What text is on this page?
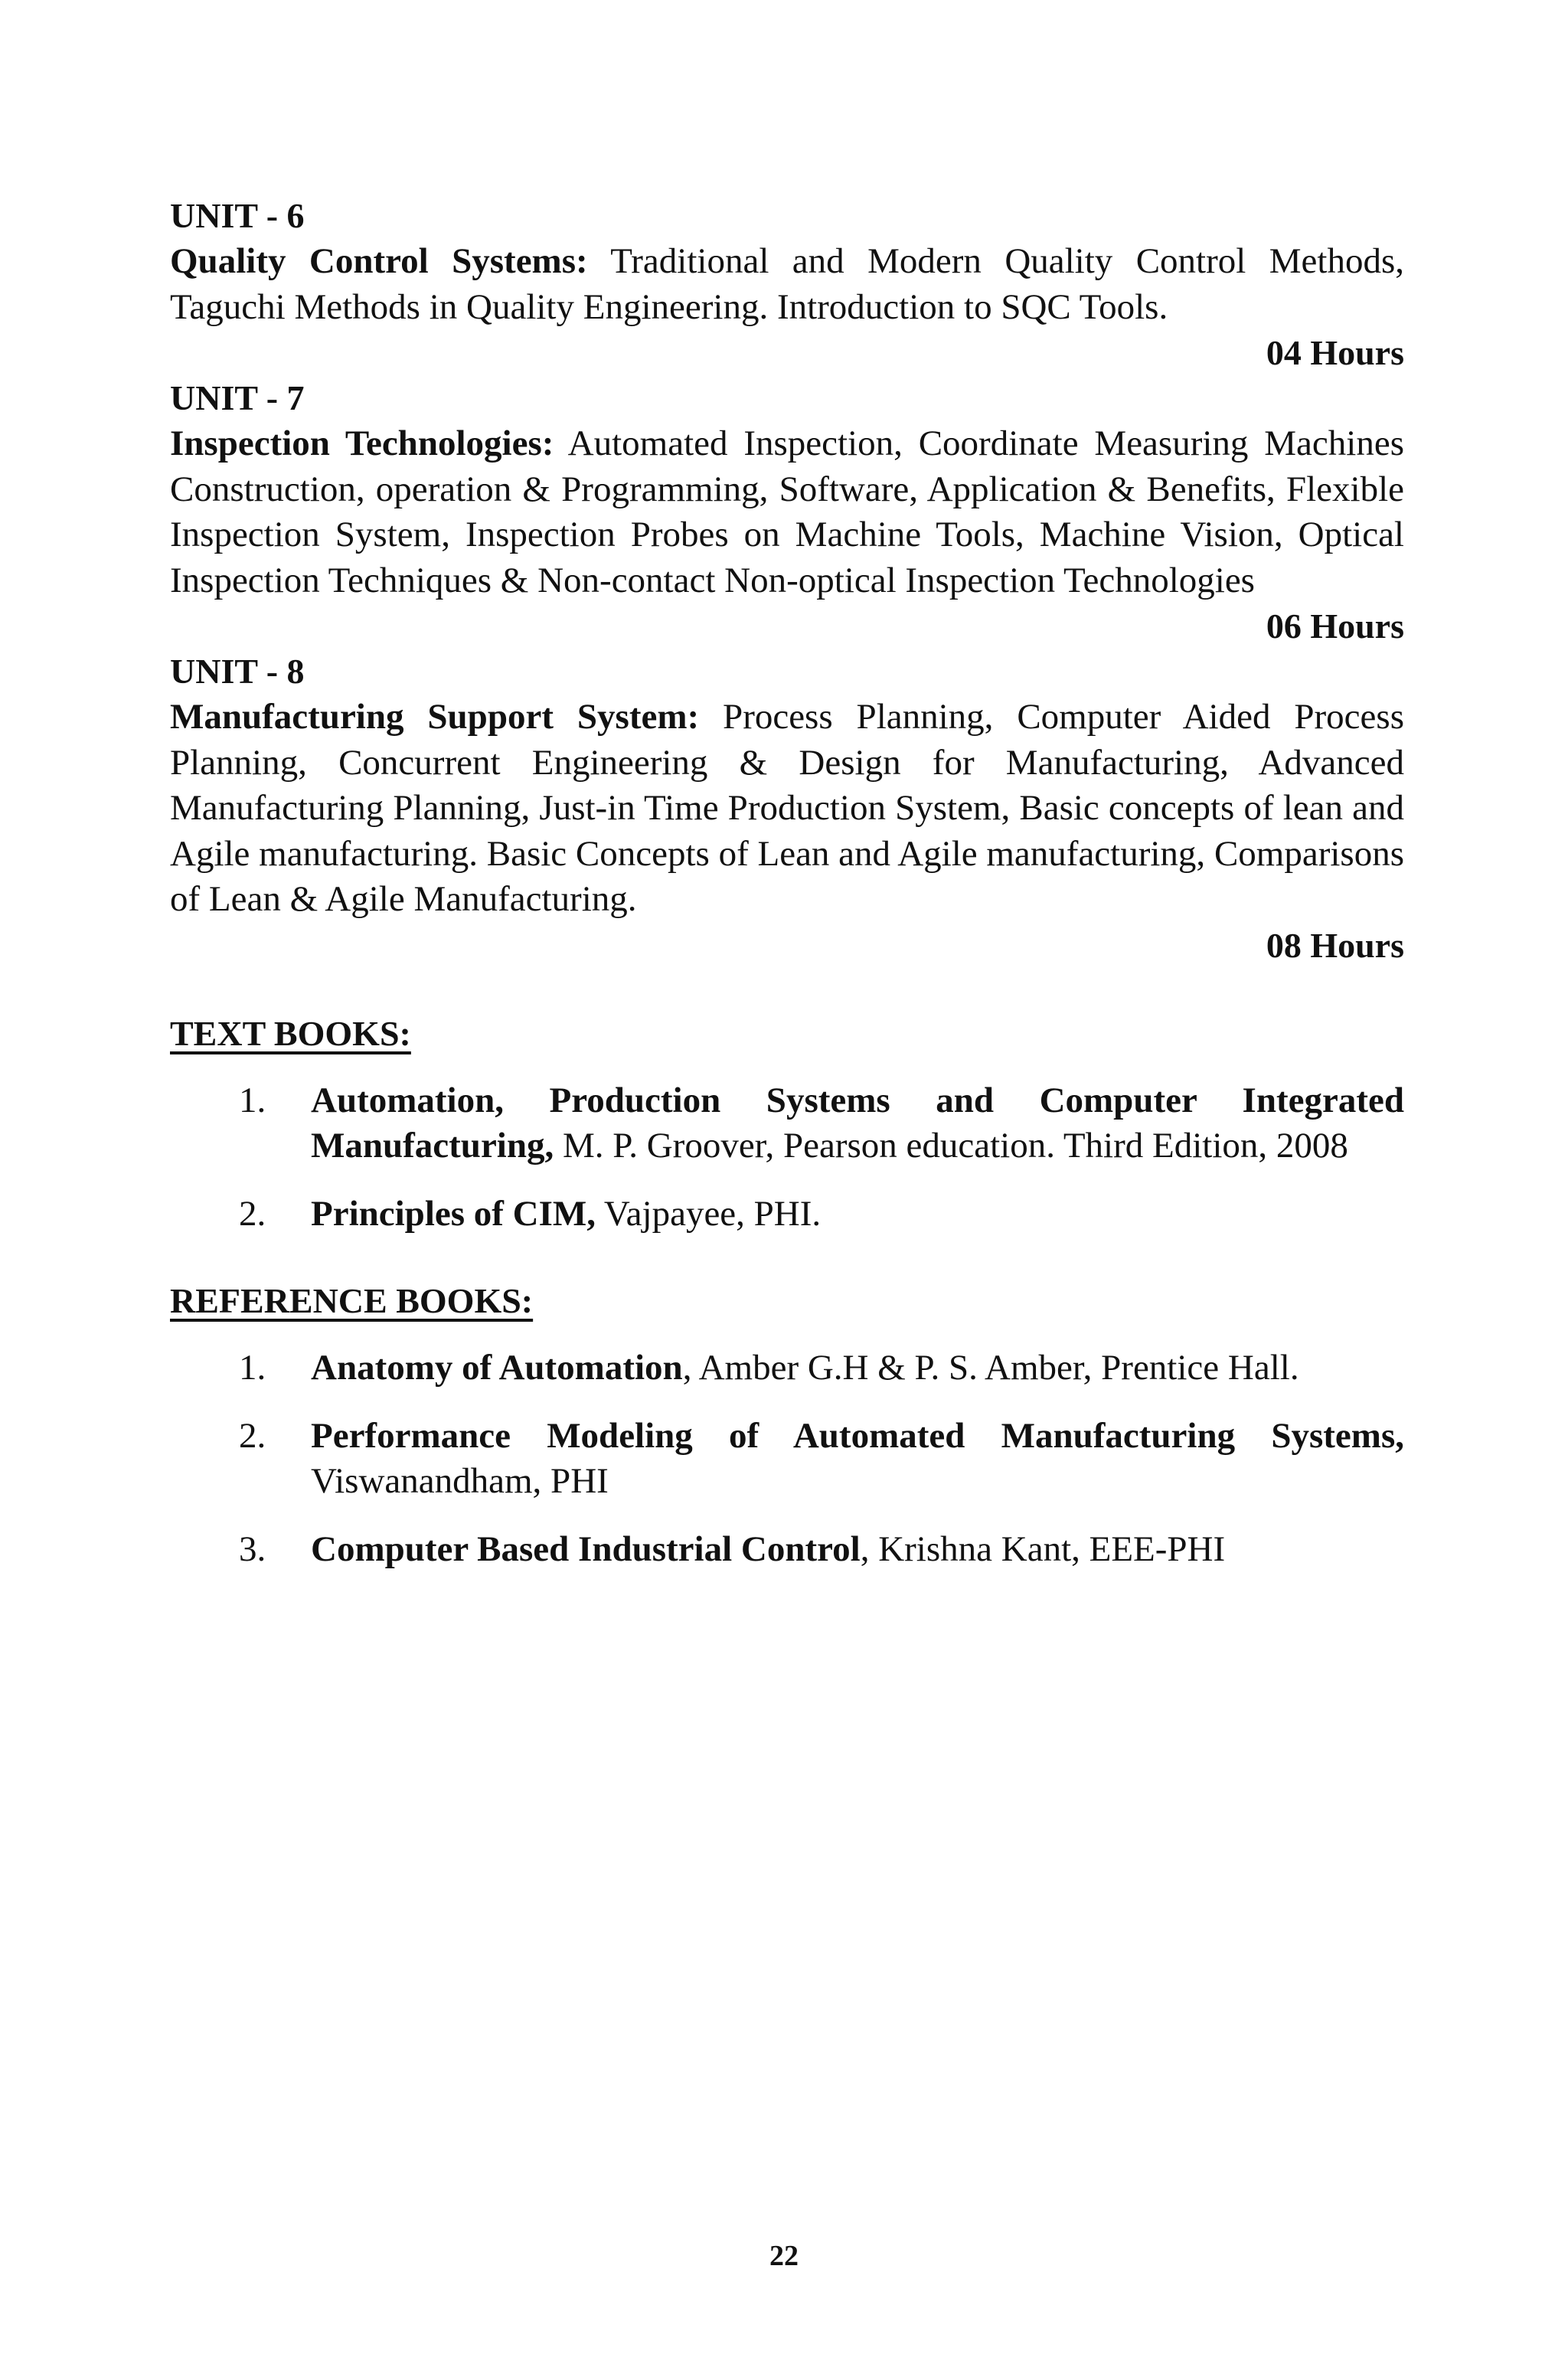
UNIT - 6

Quality Control Systems: Traditional and Modern Quality Control Methods, Taguchi Methods in Quality Engineering. Introduction to SQC Tools.

04 Hours

UNIT - 7

Inspection Technologies: Automated Inspection, Coordinate Measuring Machines Construction, operation & Programming, Software, Application & Benefits, Flexible Inspection System, Inspection Probes on Machine Tools, Machine Vision, Optical Inspection Techniques & Non-contact Non-optical Inspection Technologies

06 Hours

UNIT - 8

Manufacturing Support System: Process Planning, Computer Aided Process Planning, Concurrent Engineering & Design for Manufacturing, Advanced Manufacturing Planning, Just-in Time Production System, Basic concepts of lean and Agile manufacturing. Basic Concepts of Lean and Agile manufacturing, Comparisons of Lean & Agile Manufacturing.

08 Hours

TEXT BOOKS:

1. Automation, Production Systems and Computer Integrated Manufacturing, M. P. Groover, Pearson education. Third Edition, 2008
2. Principles of CIM, Vajpayee, PHI.

REFERENCE BOOKS:

1. Anatomy of Automation, Amber G.H & P. S. Amber, Prentice Hall.
2. Performance Modeling of Automated Manufacturing Systems, Viswanandham, PHI
3. Computer Based Industrial Control, Krishna Kant, EEE-PHI
22
